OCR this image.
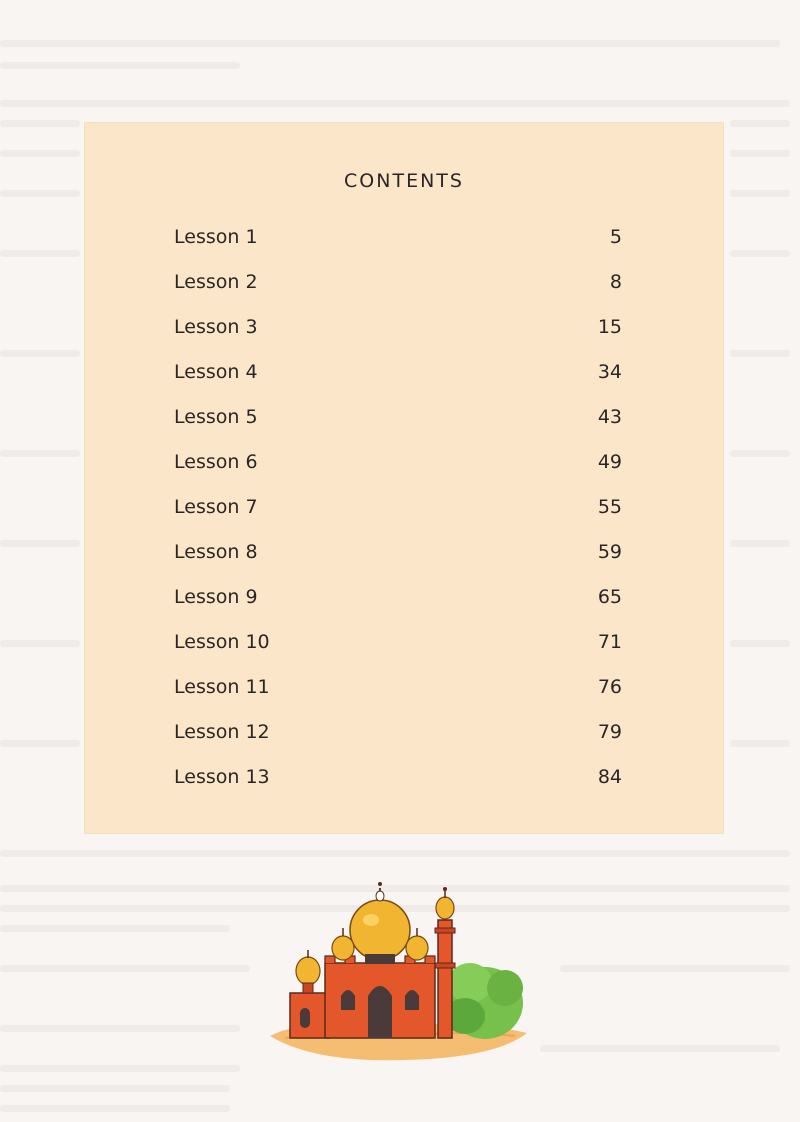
CONTENTS
Lesson 1	5
Lesson 2	8
Lesson 3	15
Lesson 4	34
Lesson 5	43
Lesson 6	49
Lesson 7	55
Lesson 8	59
Lesson 9	65
Lesson 10	71
Lesson 11	76
Lesson 12	79
Lesson 13	84
